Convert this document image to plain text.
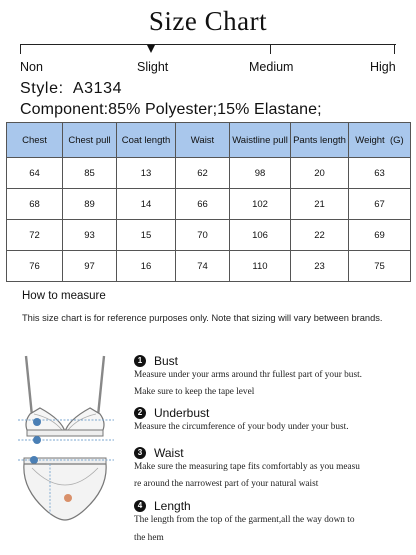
Size Chart
Non	Slight	Medium	High
Style: A3134
Component:85% Polyester;15% Elastane;
Chest	Chest pull	Coat length	Waist	Waistline pull	Pants length	Weight  (G)
64	85	13	62	98	20	63
68	89	14	66	102	21	67
72	93	15	70	106	22	69
76	97	16	74	110	23	75
How to measure
This size chart is for reference purposes only. Note that sizing will vary between brands.
1 Bust
Measure under your arms around thr fullest part of your bust.
Make sure to keep the tape level
2 Underbust
Measure the circumference of your body under your bust.
3 Waist
Make sure the measuring tape fits comfortably as you measu
re around the narrowest part of your natural waist
4 Length
The length from the top of the garment,all the way down to
the hem
